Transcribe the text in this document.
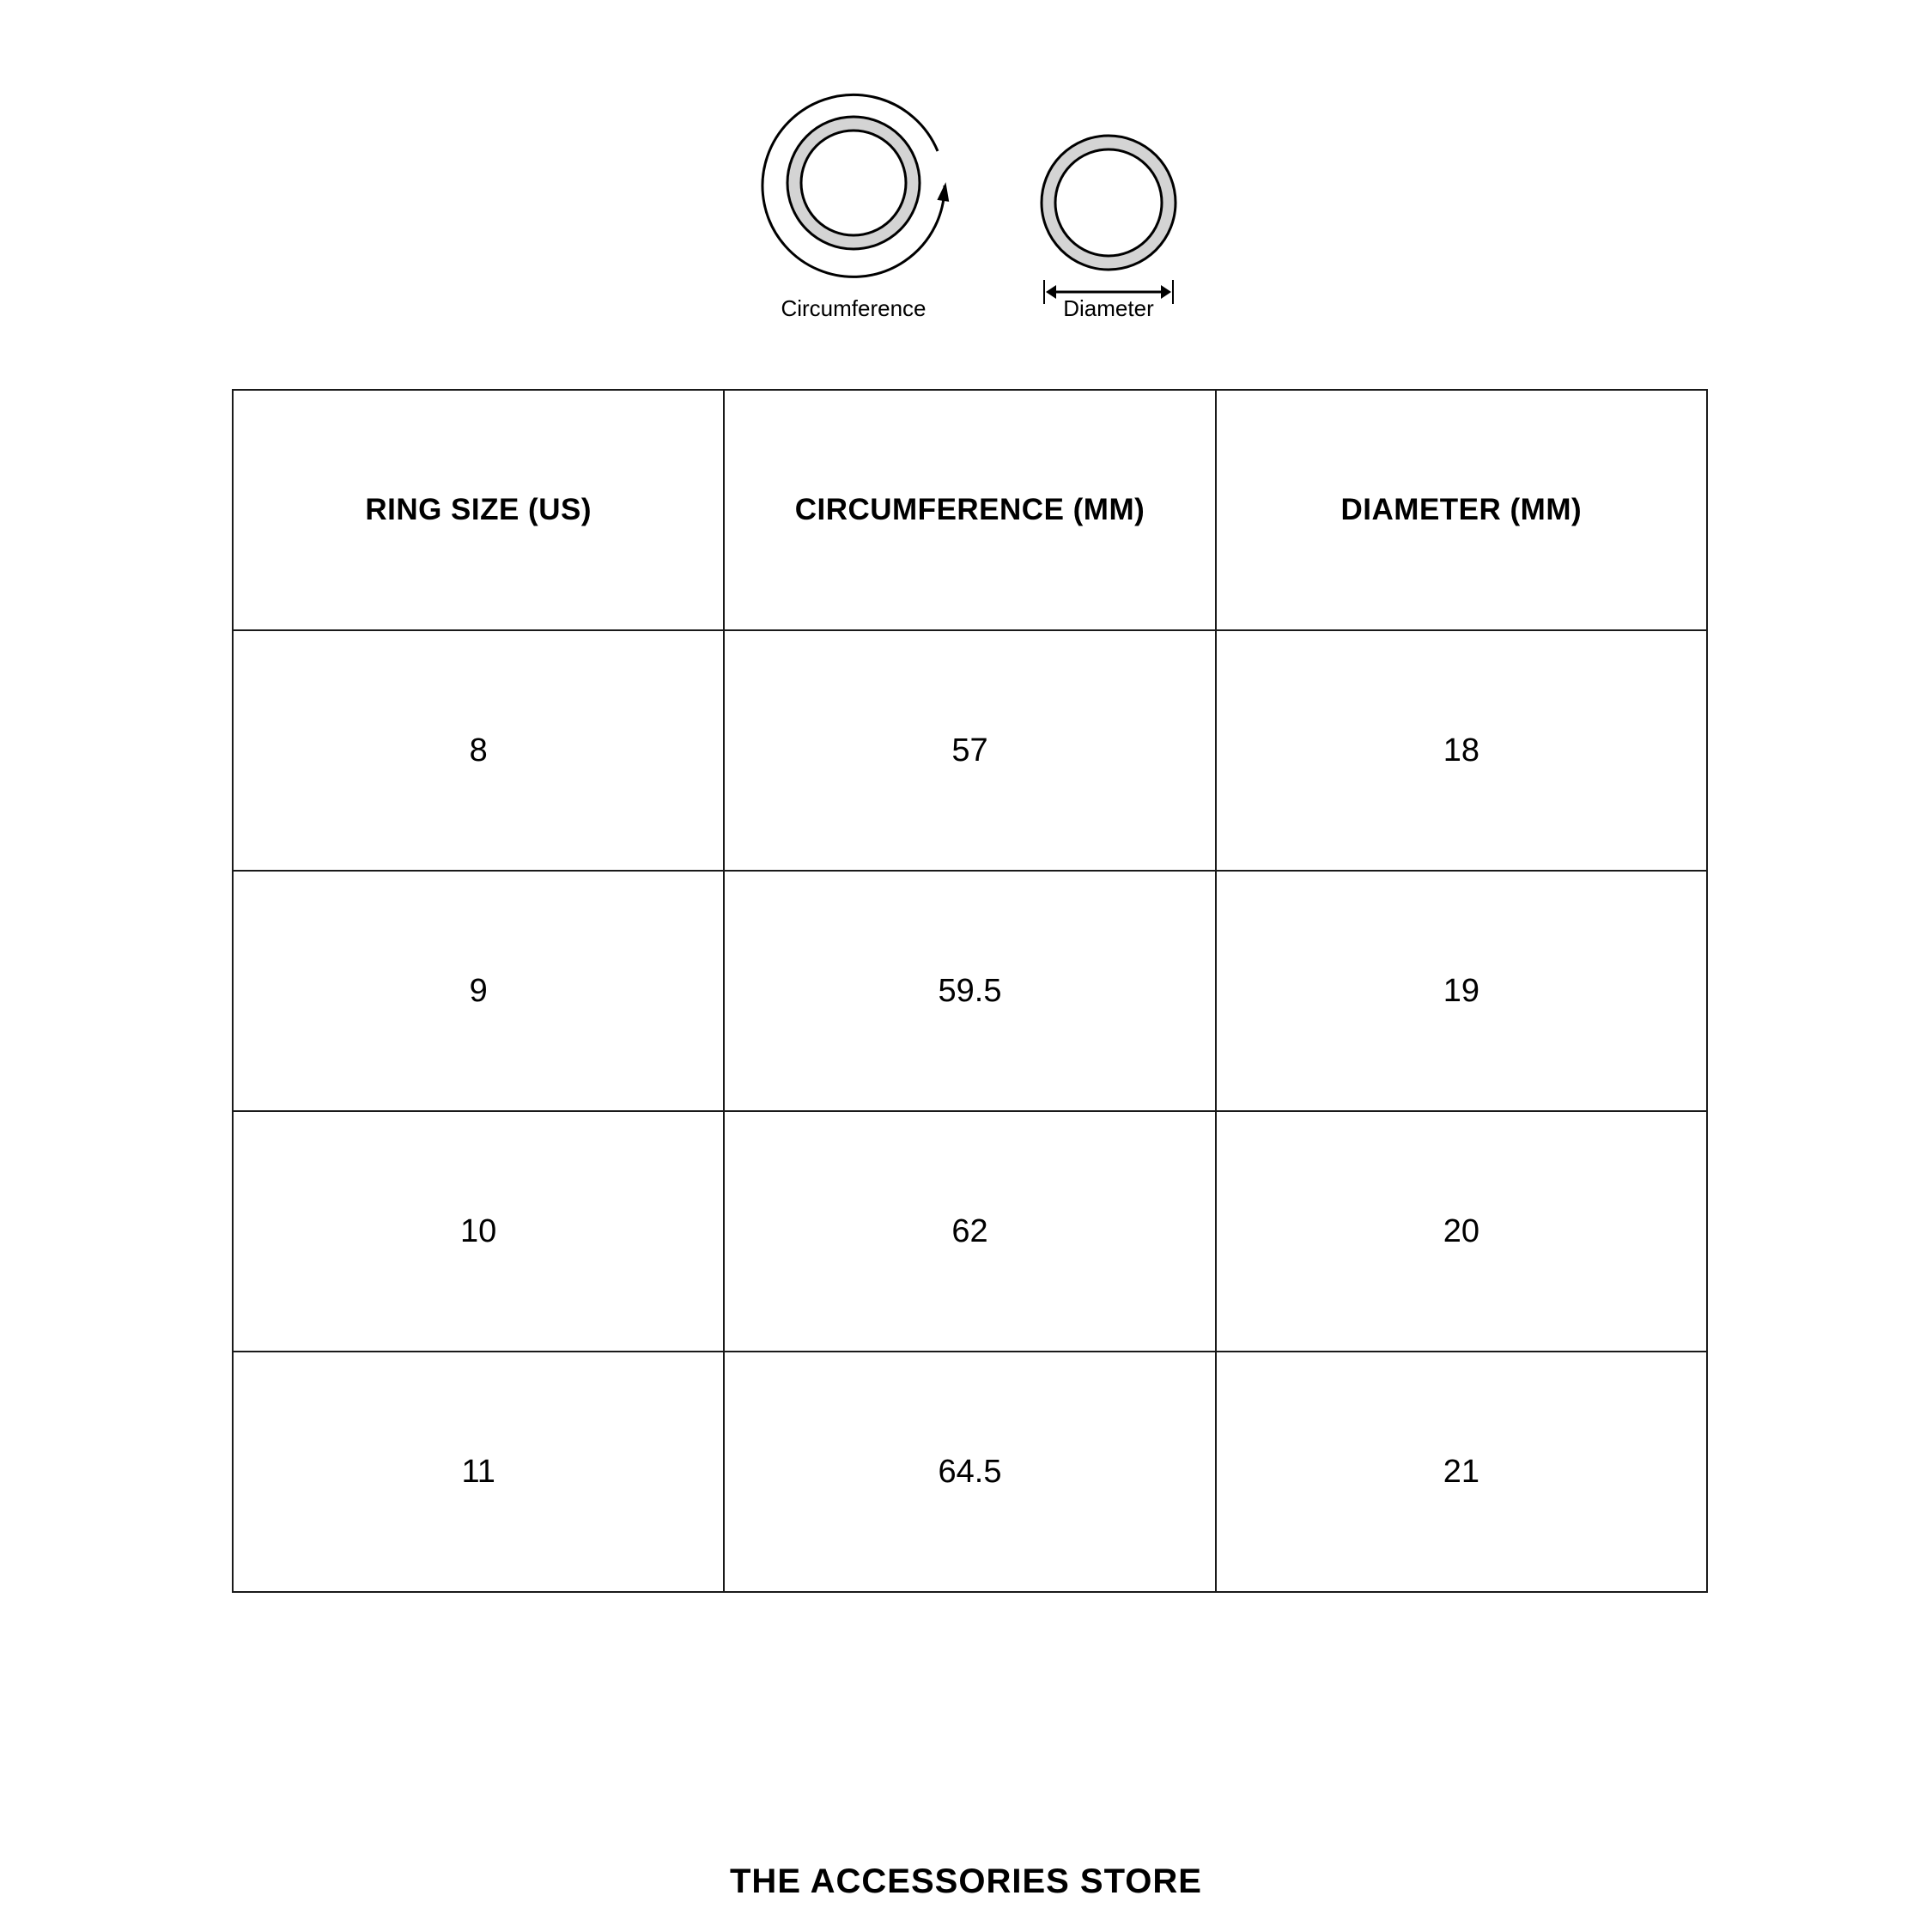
Circumference	Diameter
RING SIZE (US)	CIRCUMFERENCE (MM)	DIAMETER (MM)
8	57	18
9	59.5	19
10	62	20
11	64.5	21
THE ACCESSORIES STORE
